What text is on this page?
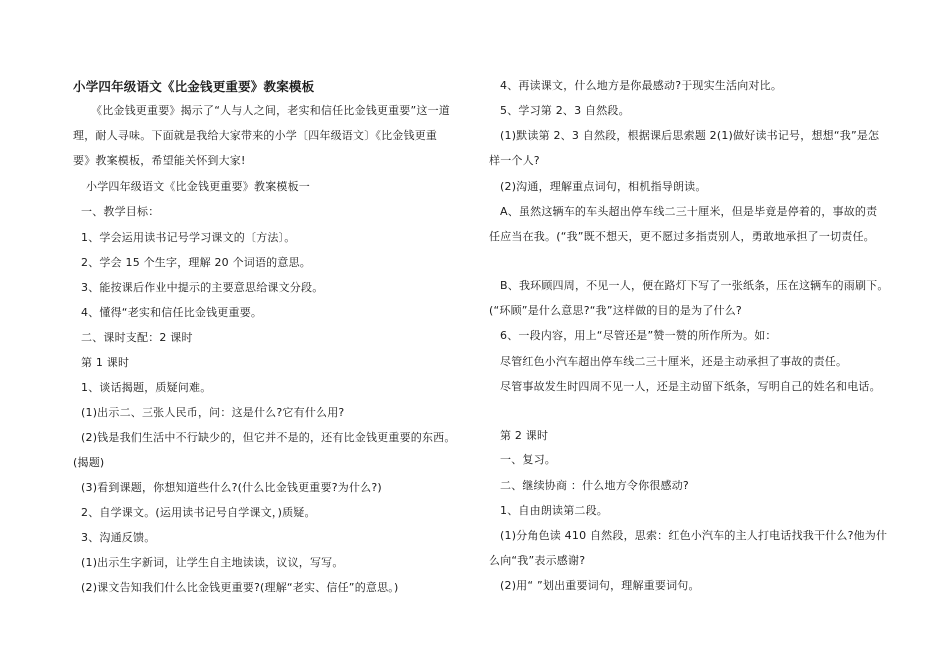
小学四年级语文《比金钱更重要》教案模板
《比金钱更重要》揭示了“人与人之间，老实和信任比金钱更重要”这一道
理，耐人寻味。下面就是我给大家带来的小学〔四年级语文〕《比金钱更重
要》教案模板，希望能关怀到大家!
小学四年级语文《比金钱更重要》教案模板一
一、教学目标：
1、学会运用读书记号学习课文的〔方法〕。
2、学会 15 个生字，理解 20 个词语的意思。
3、能按课后作业中提示的主要意思给课文分段。
4、懂得“老实和信任比金钱更重要。
二、课时支配：2 课时
第 1 课时
1、谈话揭题，质疑问难。
(1)出示二、三张人民币，问：这是什么?它有什么用?
(2)钱是我们生活中不行缺少的，但它并不是的，还有比金钱更重要的东西。
(揭题)
(3)看到课题，你想知道些什么?(什么比金钱更重要?为什么?)
2、自学课文。(运用读书记号自学课文，)质疑。
3、沟通反馈。
(1)出示生字新词，让学生自主地读读，议议，写写。
(2)课文告知我们什么比金钱更重要?(理解“老实、信任”的意思。)
4、再读课文，什么地方是你最感动?于现实生活向对比。
5、学习第 2、3 自然段。
(1)默读第 2、3 自然段，根据课后思索题 2(1)做好读书记号，想想“我”是怎
样一个人?
(2)沟通，理解重点词句，相机指导朗读。
A、虽然这辆车的车头超出停车线二三十厘米，但是毕竟是停着的，事故的责
任应当在我。(“我”既不想天，更不愿过多指责别人，勇敢地承担了一切责任。
B、我环顾四周，不见一人，便在路灯下写了一张纸条，压在这辆车的雨刷下。
(“环顾”是什么意思?“我”这样做的目的是为了什么?
6、一段内容，用上“尽管还是”赞一赞的所作所为。如：
尽管红色小汽车超出停车线二三十厘米，还是主动承担了事故的责任。
尽管事故发生时四周不见一人，还是主动留下纸条，写明自己的姓名和电话。
第 2 课时
一、复习。
二、继续协商 ：什么地方令你很感动?
1、自由朗读第二段。
(1)分角色读 410 自然段，思索：红色小汽车的主人打电话找我干什么?他为什
么向“我”表示感谢?
(2)用“ ”划出重要词句，理解重要词句。
